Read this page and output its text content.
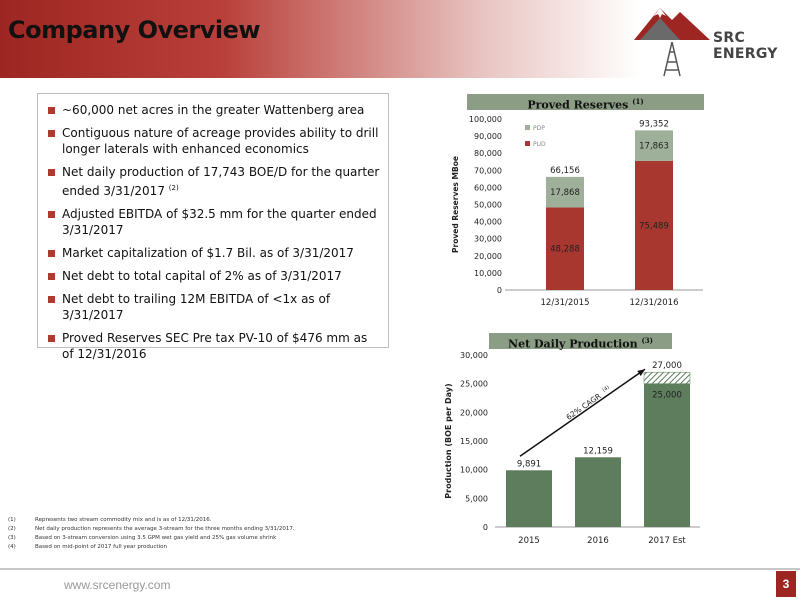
Company Overview	SRC ENERGY
~60,000 net acres in the greater Wattenberg area
Contiguous nature of acreage provides ability to drill longer laterals with enhanced economics
Net daily production of 17,743 BOE/D for the quarter ended 3/31/2017 $^{(2)}$
Adjusted EBITDA of $32.5 mm for the quarter ended 3/31/2017
Market capitalization of $1.7 Bil. as of 3/31/2017
Net debt to total capital of 2% as of 3/31/2017
Net debt to trailing 12M EBITDA of <1x as of 3/31/2017
Proved Reserves SEC Pre tax PV-10 of $476 mm as of 12/31/2016
Proved Reserves $^{(1)}$
Net Daily Production $^{(3)}$
0
10,000
20,000
30,000
40,000
50,000
60,000
70,000
80,000
90,000
100,000
Proved Reserves MBoe	48,288
17,868
66,156
12/31/2015
75,489
17,863
93,352
12/31/2016
PDP
PUD
0
5,000
10,000
15,000
20,000
25,000
30,000
Production (BOE per Day)	9,891
2015
12,159
2016
25,000
2017 Est
27,000
62% CAGR
(4)
(1)	Represents two stream commodity mix and is as of 12/31/2016.
(2)	Net daily production represents the average 3-stream for the three months ending 3/31/2017.
(3)	Based on 3-stream conversion using 3.5 GPM wet gas yield and 25% gas volume shrink
(4)	Based on mid-point of 2017 full year production
www.srcenergy.com	3
